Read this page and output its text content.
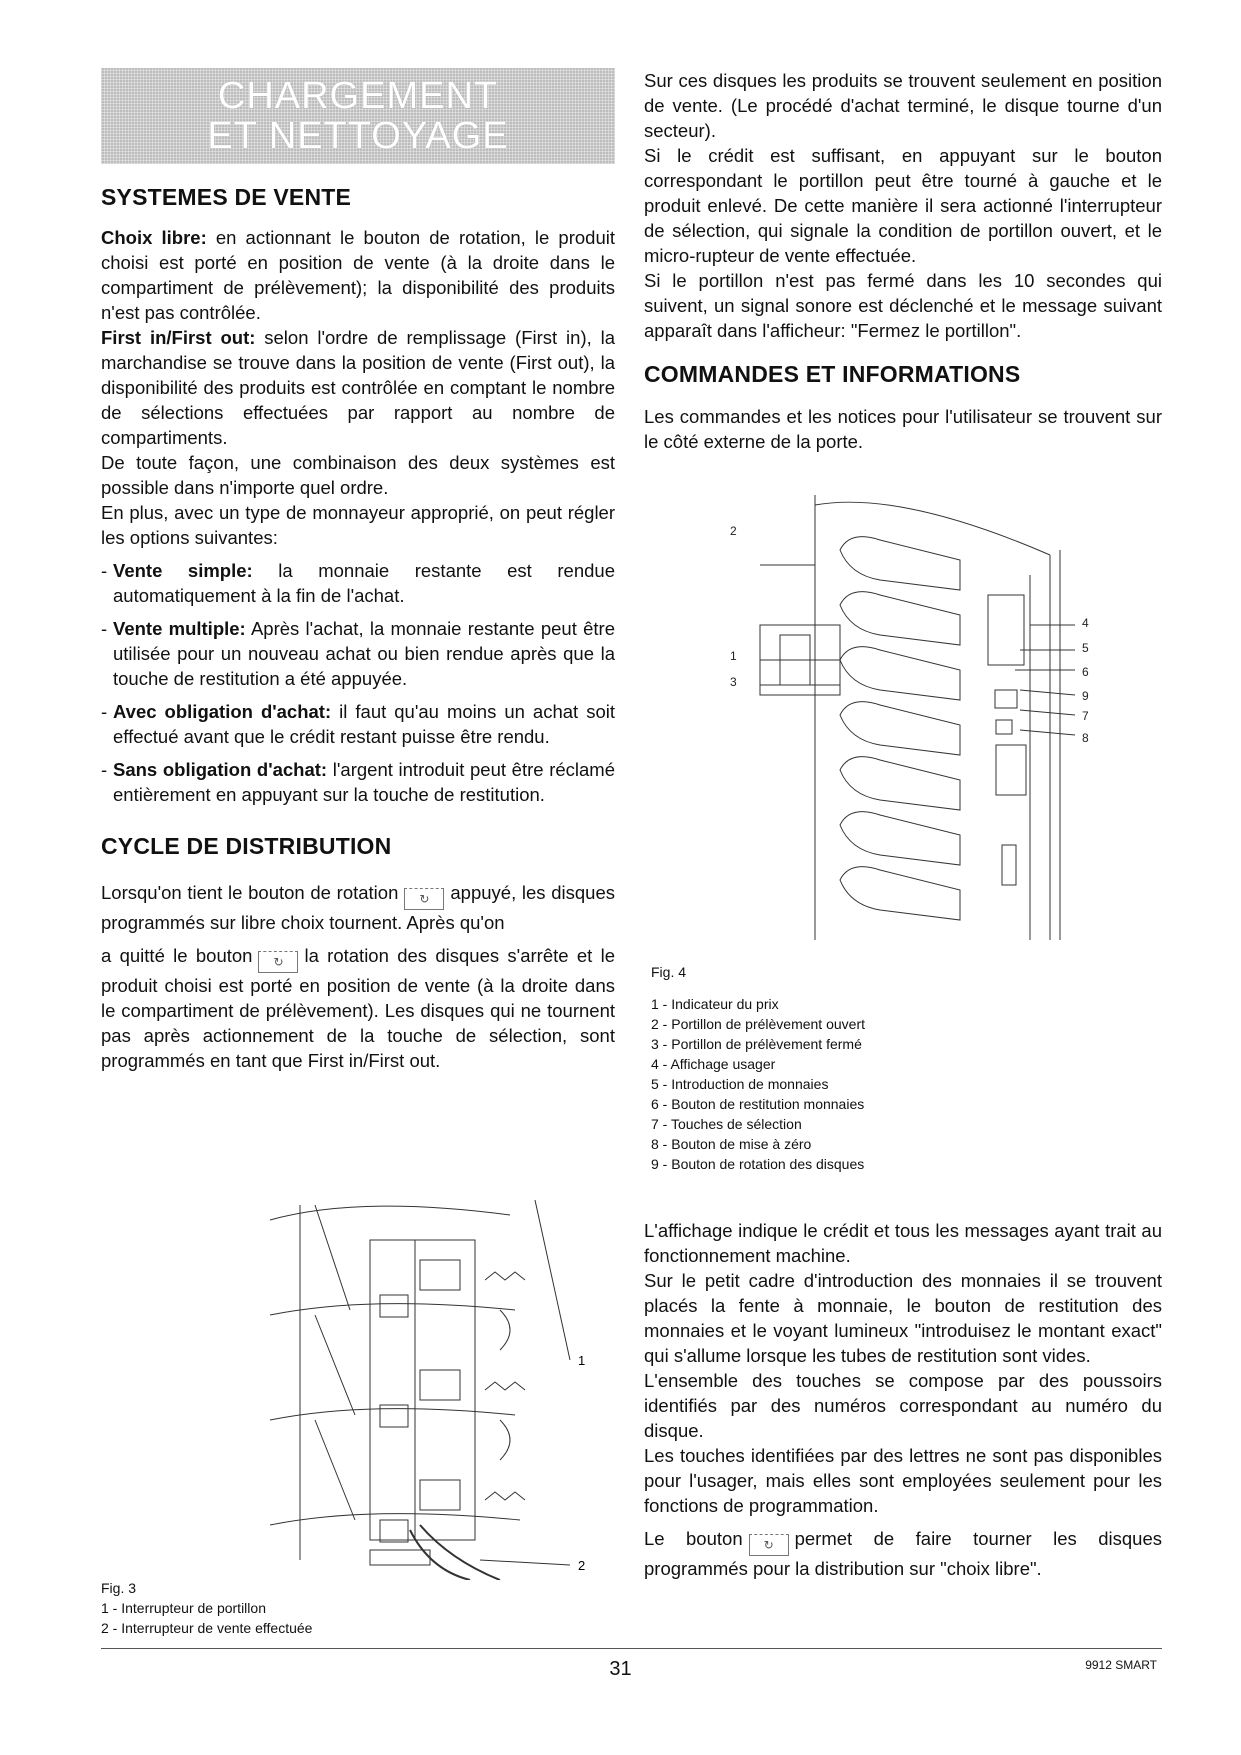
CHARGEMENT
ET NETTOYAGE
SYSTEMES DE VENTE

Choix libre: en actionnant le bouton de rotation, le produit choisi est porté en position de vente (à la droite dans le compartiment de prélèvement); la disponibilité des produits n'est pas contrôlée.

First in/First out: selon l'ordre de remplissage (First in), la marchandise se trouve dans la position de vente (First out), la disponibilité des produits est contrôlée en comptant le nombre de sélections effectuées par rapport au nombre de compartiments.

De toute façon, une combinaison des deux systèmes est possible dans n'importe quel ordre.

En plus, avec un type de monnayeur approprié, on peut régler les options suivantes:

- Vente simple: la monnaie restante est rendue automatiquement à la fin de l'achat.
- Vente multiple: Après l'achat, la monnaie restante peut être utilisée pour un nouveau achat ou bien rendue après que la touche de restitution a été appuyée.
- Avec obligation d'achat: il faut qu'au moins un achat soit effectué avant que le crédit restant puisse être rendu.
- Sans obligation d'achat: l'argent introduit peut être réclamé entièrement en appuyant sur la touche de restitution.
CYCLE DE DISTRIBUTION

Lorsqu'on tient le bouton de rotation ↻ appuyé, les disques programmés sur libre choix tournent. Après qu'on

a quitté le bouton ↻ la rotation des disques s'arrête et le produit choisi est porté en position de vente (à la droite dans le compartiment de prélèvement). Les disques qui ne tournent pas après actionnement de la touche de sélection, sont programmés en tant que First in/First out.

1
2
Fig. 3
1 - Interrupteur de portillon
2 - Interrupteur de vente effectuée

Sur ces disques les produits se trouvent seulement en position de vente. (Le procédé d'achat terminé, le disque tourne d'un secteur).

Si le crédit est suffisant, en appuyant sur le bouton correspondant le portillon peut être tourné à gauche et le produit enlevé. De cette manière il sera actionné l'interrupteur de sélection, qui signale la condition de portillon ouvert, et le micro-rupteur de vente effectuée.

Si le portillon n'est pas fermé dans les 10 secondes qui suivent, un signal sonore est déclenché et le message suivant apparaît dans l'afficheur: "Fermez le portillon".

COMMANDES ET INFORMATIONS

Les commandes et les notices pour l'utilisateur se trouvent sur le côté externe de la porte.

2
1
3
4
5
6
9
7
8
Fig. 4
1 - Indicateur du prix
2 - Portillon de prélèvement ouvert
3 - Portillon de prélèvement fermé
4 - Affichage usager
5 - Introduction de monnaies
6 - Bouton de restitution monnaies
7 - Touches de sélection
8 - Bouton de mise à zéro
9 - Bouton de rotation des disques

L'affichage indique le crédit et tous les messages ayant trait au fonctionnement machine.

Sur le petit cadre d'introduction des monnaies il se trouvent placés la fente à monnaie, le bouton de restitution des monnaies et le voyant lumineux "introduisez le montant exact" qui s'allume lorsque les tubes de restitution sont vides.

L'ensemble des touches se compose par des poussoirs identifiés par des numéros correspondant au numéro du disque.

Les touches identifiées par des lettres ne sont pas disponibles pour l'usager, mais elles sont employées seulement pour les fonctions de programmation.

Le bouton ↻ permet de faire tourner les disques programmés pour la distribution sur "choix libre".

31	9912 SMART
